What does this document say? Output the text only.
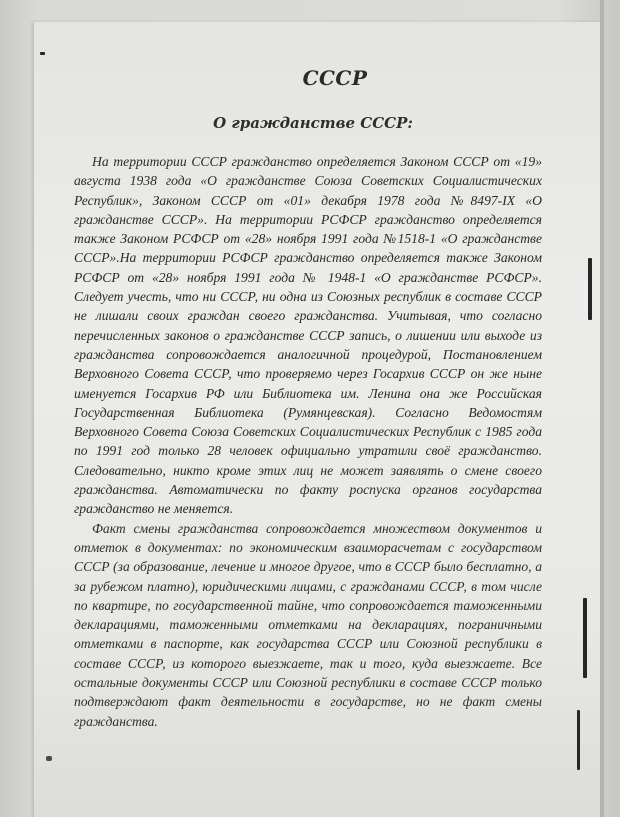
СССР
О гражданстве СССР:

На территории СССР гражданство определяется Законом СССР от «19» августа 1938 года «О гражданстве Союза Советских Социалистических Республик», Законом СССР от «01» декабря 1978 года №8497-IX «О гражданстве СССР». На территории РСФСР гражданство определяется также Законом РСФСР от «28» ноября 1991 года №1518-1 «О гражданстве СССР».На территории РСФСР гражданство определяется также Законом РСФСР от «28» ноября 1991 года № 1948-1 «О гражданстве РСФСР». Следует учесть, что ни СССР, ни одна из Союзных республик в составе СССР не лишали своих граждан своего гражданства. Учитывая, что согласно перечисленных законов о гражданстве СССР запись, о лишении или выходе из гражданства сопровождается аналогичной процедурой, Постановлением Верховного Совета СССР, что проверяемо через Госархив СССР он же ныне именуется Госархив РФ или Библиотека им. Ленина она же Российская Государственная Библиотека (Румянцевская). Согласно Ведомостям Верховного Совета Союза Советских Социалистических Республик с 1985 года по 1991 год только 28 человек официально утратили своё гражданство. Следовательно, никто кроме этих лиц не может заявлять о смене своего гражданства. Автоматически по факту роспуска органов государства гражданство не меняется.

Факт смены гражданства сопровождается множеством документов и отметок в документах: по экономическим взаиморасчетам с государством СССР (за образование, лечение и многое другое, что в СССР было бесплатно, а за рубежом платно), юридическими лицами, с гражданами СССР, в том числе по квартире, по государственной тайне, что сопровождается таможенными декларациями, таможенными отметками на декларациях, пограничными отметками в паспорте, как государства СССР или Союзной республики в составе СССР, из которого выезжаете, так и того, куда выезжаете. Все остальные документы СССР или Союзной республики в составе СССР только подтверждают факт деятельности в государстве, но не факт смены гражданства.
